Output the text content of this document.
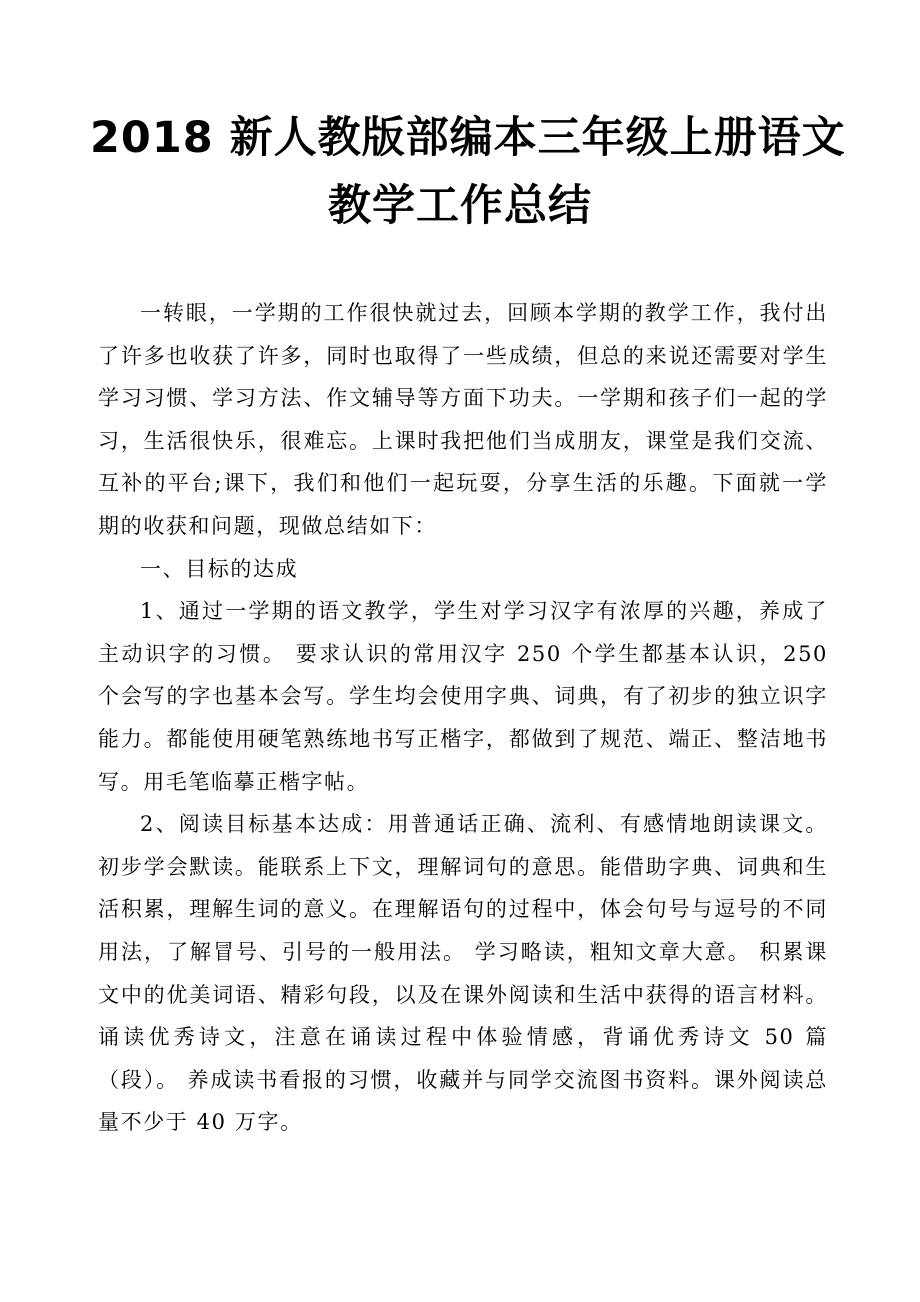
2018 新人教版部编本三年级上册语文
教学工作总结

一转眼，一学期的工作很快就过去，回顾本学期的教学工作，我付出了许多也收获了许多，同时也取得了一些成绩，但总的来说还需要对学生学习习惯、学习方法、作文辅导等方面下功夫。一学期和孩子们一起的学习，生活很快乐，很难忘。上课时我把他们当成朋友，课堂是我们交流、互补的平台;课下，我们和他们一起玩耍，分享生活的乐趣。下面就一学期的收获和问题，现做总结如下：

一、目标的达成

1、通过一学期的语文教学，学生对学习汉字有浓厚的兴趣，养成了主动识字的习惯。 要求认识的常用汉字 250 个学生都基本认识，250 个会写的字也基本会写。学生均会使用字典、词典，有了初步的独立识字能力。都能使用硬笔熟练地书写正楷字，都做到了规范、端正、整洁地书写。用毛笔临摹正楷字帖。

2、阅读目标基本达成：用普通话正确、流利、有感情地朗读课文。 初步学会默读。能联系上下文，理解词句的意思。能借助字典、词典和生活积累，理解生词的意义。在理解语句的过程中，体会句号与逗号的不同用法，了解冒号、引号的一般用法。 学习略读，粗知文章大意。 积累课文中的优美词语、精彩句段，以及在课外阅读和生活中获得的语言材料。 诵读优秀诗文，注意在诵读过程中体验情感，背诵优秀诗文 50 篇（段）。 养成读书看报的习惯，收藏并与同学交流图书资料。课外阅读总量不少于 40 万字。
